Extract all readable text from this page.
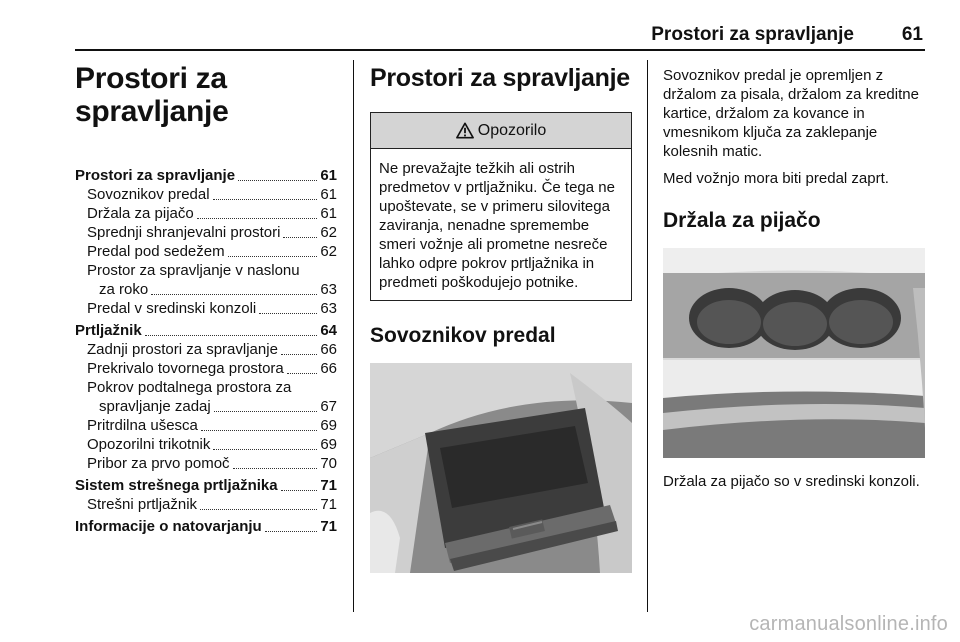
Prostori za spravljanje	61
Prostori za
spravljanje
Prostori za spravljanje	61
Sovoznikov predal	61
Držala za pijačo	61
Sprednji shranjevalni prostori	62
Predal pod sedežem	62
Prostor za spravljanje v naslonu
za roko	63
Predal v sredinski konzoli	63
Prtljažnik	64
Zadnji prostori za spravljanje	66
Prekrivalo tovornega prostora 66
Pokrov podtalnega prostora za
spravljanje zadaj	67
Pritrdilna ušesca	69
Opozorilni trikotnik	69
Pribor za prvo pomoč	70
Sistem strešnega prtljažnika	71
Strešni prtljažnik	71
Informacije o natovarjanju	71
Prostori za spravljanje
Opozorilo

Ne prevažajte težkih ali ostrih predmetov v prtljažniku. Če tega ne upoštevate, se v primeru silovitega zaviranja, nenadne spremembe smeri vožnje ali prometne nesreče lahko odpre pokrov prtljažnika in predmeti poškodujejo potnike.

Sovoznikov predal

Sovoznikov predal je opremljen z držalom za pisala, držalom za kreditne kartice, držalom za kovance in vmesnikom ključa za zaklepanje kolesnih matic.

Med vožnjo mora biti predal zaprt.

Držala za pijačo

Držala za pijačo so v sredinski konzoli.

carmanualsonline.info
